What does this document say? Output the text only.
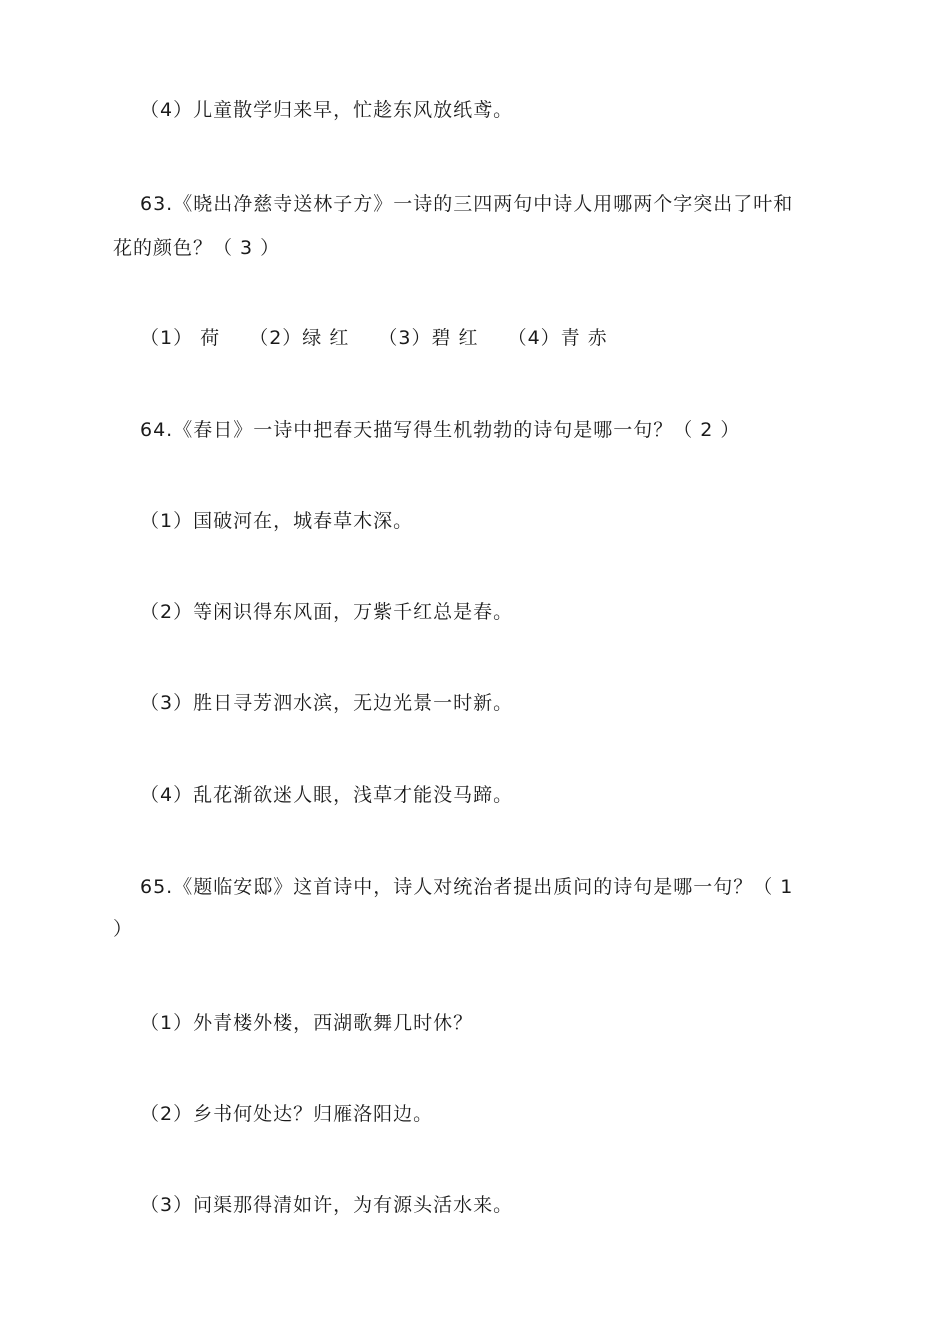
（4）儿童散学归来早，忙趁东风放纸鸢。
63.《晓出净慈寺送林子方》一诗的三四两句中诗人用哪两个字突出了叶和
花的颜色？（ 3 ）
（1） 荷 （2）绿 红 （3）碧 红 （4）青 赤
64.《春日》一诗中把春天描写得生机勃勃的诗句是哪一句？（ 2 ）
（1）国破河在，城春草木深。
（2）等闲识得东风面，万紫千红总是春。
（3）胜日寻芳泗水滨，无边光景一时新。
（4）乱花渐欲迷人眼，浅草才能没马蹄。
65.《题临安邸》这首诗中，诗人对统治者提出质问的诗句是哪一句？（ 1
）
（1）外青楼外楼，西湖歌舞几时休？
（2）乡书何处达？归雁洛阳边。
（3）问渠那得清如许，为有源头活水来。
